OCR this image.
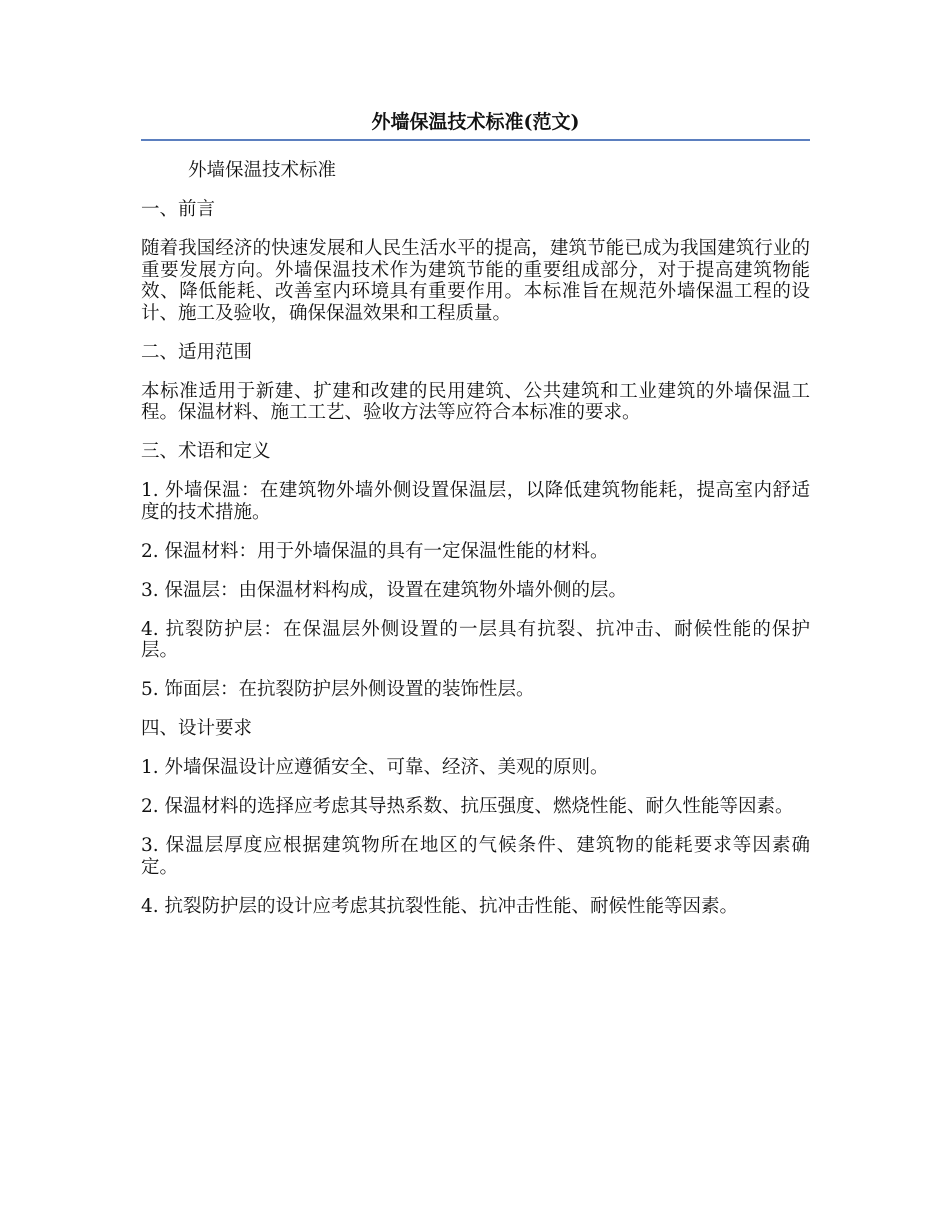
外墙保温技术标准(范文)

外墙保温技术标准

一、前言

随着我国经济的快速发展和人民生活水平的提高，建筑节能已成为我国建筑行业的重要发展方向。外墙保温技术作为建筑节能的重要组成部分，对于提高建筑物能效、降低能耗、改善室内环境具有重要作用。本标准旨在规范外墙保温工程的设计、施工及验收，确保保温效果和工程质量。

二、适用范围

本标准适用于新建、扩建和改建的民用建筑、公共建筑和工业建筑的外墙保温工程。保温材料、施工工艺、验收方法等应符合本标准的要求。

三、术语和定义

1. 外墙保温：在建筑物外墙外侧设置保温层，以降低建筑物能耗，提高室内舒适度的技术措施。

2. 保温材料：用于外墙保温的具有一定保温性能的材料。

3. 保温层：由保温材料构成，设置在建筑物外墙外侧的层。

4. 抗裂防护层：在保温层外侧设置的一层具有抗裂、抗冲击、耐候性能的保护层。

5. 饰面层：在抗裂防护层外侧设置的装饰性层。

四、设计要求

1. 外墙保温设计应遵循安全、可靠、经济、美观的原则。

2. 保温材料的选择应考虑其导热系数、抗压强度、燃烧性能、耐久性能等因素。

3. 保温层厚度应根据建筑物所在地区的气候条件、建筑物的能耗要求等因素确定。

4. 抗裂防护层的设计应考虑其抗裂性能、抗冲击性能、耐候性能等因素。
